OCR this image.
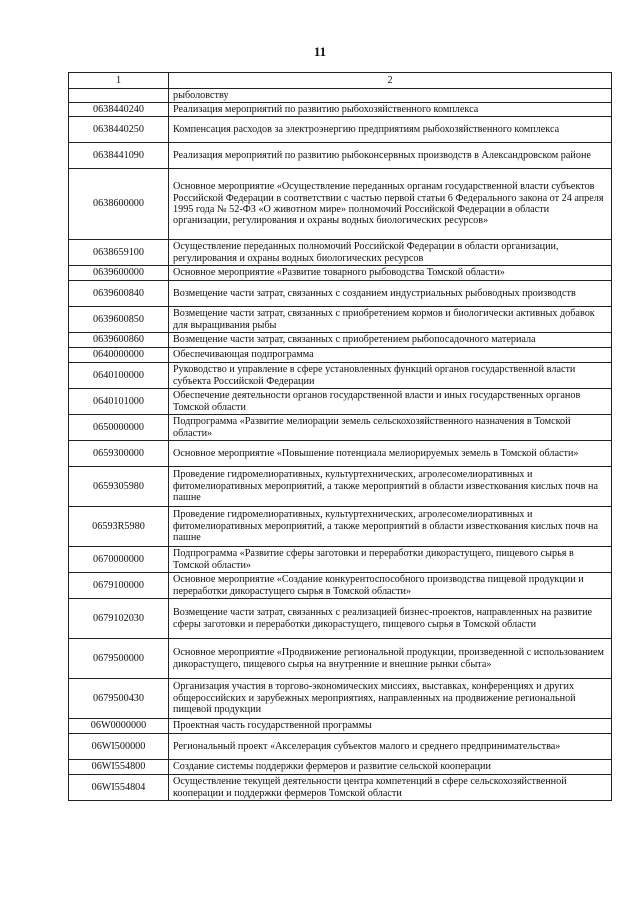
11
1	2
	рыболовству
0638440240	Реализация мероприятий по развитию рыбохозяйственного комплекса
0638440250	Компенсация расходов за электроэнергию предприятиям рыбохозяйственного комплекса
0638441090	Реализация мероприятий по развитию рыбоконсервных производств в Александровском районе
0638600000	Основное мероприятие «Осуществление переданных органам государственной власти субъектов Российской Федерации в соответствии с частью первой статьи 6 Федерального закона от 24 апреля 1995 года № 52-ФЗ «О животном мире» полномочий Российской Федерации в области организации, регулирования и охраны водных биологических ресурсов»
0638659100	Осуществление переданных полномочий Российской Федерации в области организации, регулирования и охраны водных биологических ресурсов
0639600000	Основное мероприятие «Развитие товарного рыбоводства Томской области»
0639600840	Возмещение части затрат, связанных с созданием индустриальных рыбоводных производств
0639600850	Возмещение части затрат, связанных с приобретением кормов и биологически активных добавок для выращивания рыбы
0639600860	Возмещение части затрат, связанных с приобретением рыбопосадочного материала
0640000000	Обеспечивающая подпрограмма
0640100000	Руководство и управление в сфере установленных функций органов государственной власти субъекта Российской Федерации
0640101000	Обеспечение деятельности органов государственной власти и иных государственных органов Томской области
0650000000	Подпрограмма «Развитие мелиорации земель сельскохозяйственного назначения в Томской области»
0659300000	Основное мероприятие «Повышение потенциала мелиорируемых земель в Томской области»
0659305980	Проведение гидромелиоративных, культуртехнических, агролесомелиоративных и фитомелиоративных мероприятий, а также мероприятий в области известкования кислых почв на пашне
06593R5980	Проведение гидромелиоративных, культуртехнических, агролесомелиоративных и фитомелиоративных мероприятий, а также мероприятий в области известкования кислых почв на пашне
0670000000	Подпрограмма «Развитие сферы заготовки и переработки дикорастущего, пищевого сырья в Томской области»
0679100000	Основное мероприятие «Создание конкурентоспособного производства пищевой продукции и переработки дикорастущего сырья в Томской области»
0679102030	Возмещение части затрат, связанных с реализацией бизнес-проектов, направленных на развитие сферы заготовки и переработки дикорастущего, пищевого сырья в Томской области
0679500000	Основное мероприятие «Продвижение региональной продукции, произведенной с использованием дикорастущего, пищевого сырья на внутренние и внешние рынки сбыта»
0679500430	Организация участия в торгово-экономических миссиях, выставках, конференциях и других общероссийских и зарубежных мероприятиях, направленных на продвижение региональной пищевой продукции
06W0000000	Проектная часть государственной программы
06WI500000	Региональный проект «Акселерация субъектов малого и среднего предпринимательства»
06WI554800	Создание системы поддержки фермеров и развитие сельской кооперации
06WI554804	Осуществление текущей деятельности центра компетенций в сфере сельскохозяйственной кооперации и поддержки фермеров Томской области
